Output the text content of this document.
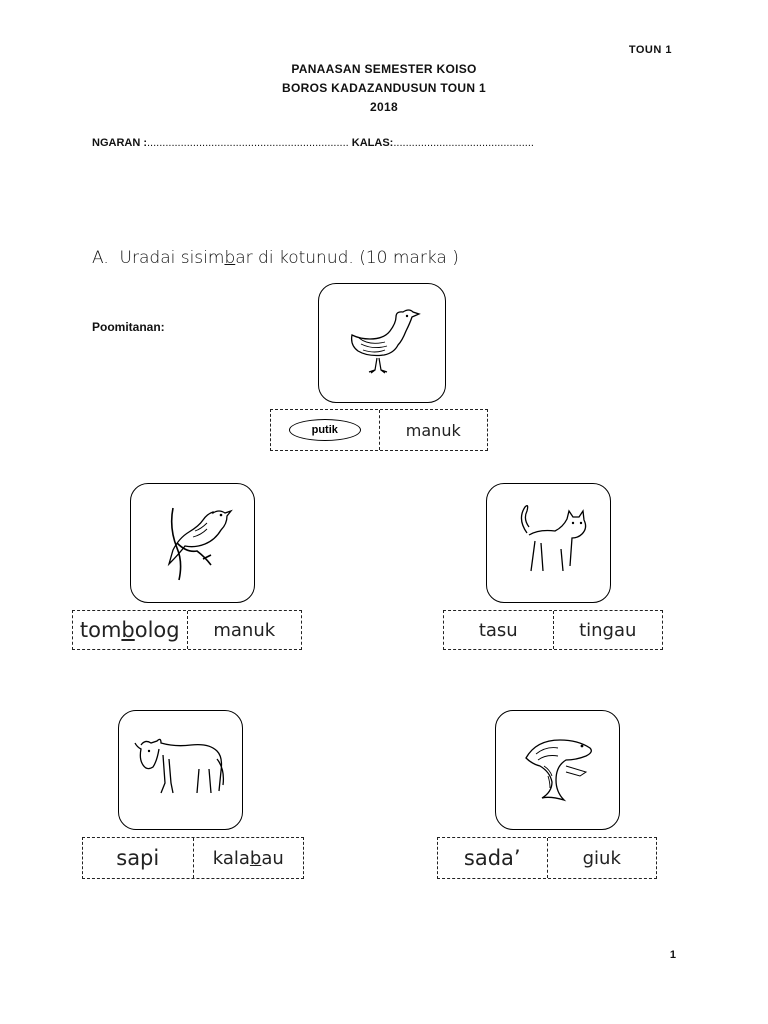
TOUN 1
PANAASAN SEMESTER KOISO
BOROS KADAZANDUSUN TOUN 1
2018
NGARAN :.................................................................. KALAS:..............................................
A. Uradai sisimbar di kotunud. (10 marka )
Poomitanan:
putik	manuk
tom b olog	manuk	tasu	tingau
sapi	kala b au	sada’	giuk
1
